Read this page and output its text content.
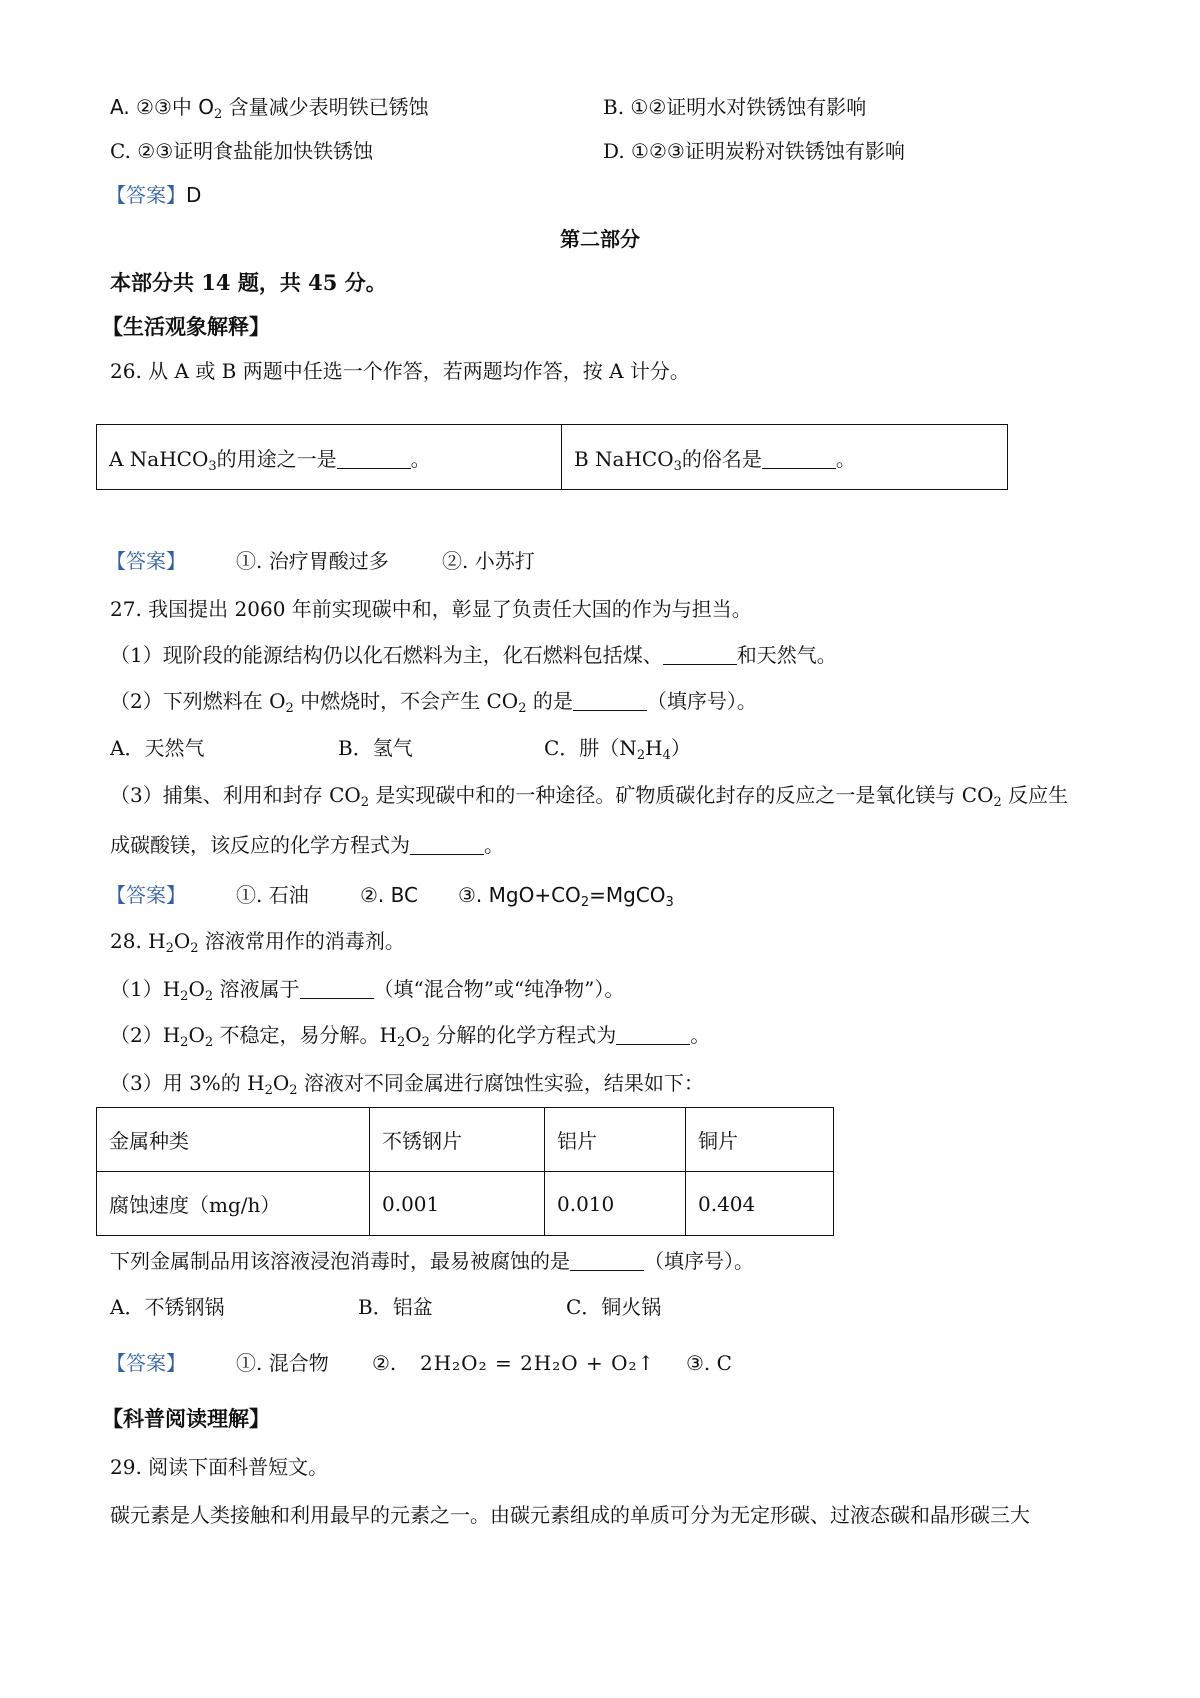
A. ②③中 $O_2$ 含量减少表明铁已锈蚀	B. ①②证明水对铁锈蚀有影响
C. ②③证明食盐能加快铁锈蚀	D. ①②③证明炭粉对铁锈蚀有影响
【答案】D
第二部分
本部分共 14 题，共 45 分。
【生活观象解释】
26. 从 A 或 B 两题中任选一个作答，若两题均作答，按 A 计分。
A NaHCO$_3$的用途之一是	。	B NaHCO$_3$的俗名是	。
【答案】	①. 治疗胃酸过多	②. 小苏打
27. 我国提出 2060 年前实现碳中和，彰显了负责任大国的作为与担当。
（1）现阶段的能源结构仍以化石燃料为主，化石燃料包括煤、	和天然气。
（2）下列燃料在 $O_2$ 中燃烧时，不会产生 $CO_2$ 的是	（填序号）。
A．天然气	B．氢气	C．肼$(N_2H_4)$
（3）捕集、利用和封存 $CO_2$ 是实现碳中和的一种途径。矿物质碳化封存的反应之一是氧化镁与 $CO_2$ 反应生
成碳酸镁，该反应的化学方程式为	。
【答案】	①. 石油	②. BC ③. $MgO+CO_2=MgCO_3$
28. $H_2O_2$ 溶液常用作的消毒剂。
$(1)H_2O_2$ 溶液属于	（填“混合物”或“纯净物”）。
$(2)H_2O_2$ 不稳定，易分解。$H_2O_2$ 分解的化学方程式为	。
（3）用 3%的 $H_2O_2$ 溶液对不同金属进行腐蚀性实验，结果如下：
金属种类	不锈钢片	铝片	铜片
腐蚀速度（mg/h）	0.001	0.010	0.404
下列金属制品用该溶液浸泡消毒时，最易被腐蚀的是	（填序号）。
A．不锈钢锅	B．铝盆	C．铜火锅
【答案】	①. 混合物 ②. 2H₂O₂ = 2H₂O + O₂↑ ③. C
【科普阅读理解】
29. 阅读下面科普短文。
碳元素是人类接触和利用最早的元素之一。由碳元素组成的单质可分为无定形碳、过液态碳和晶形碳三大
